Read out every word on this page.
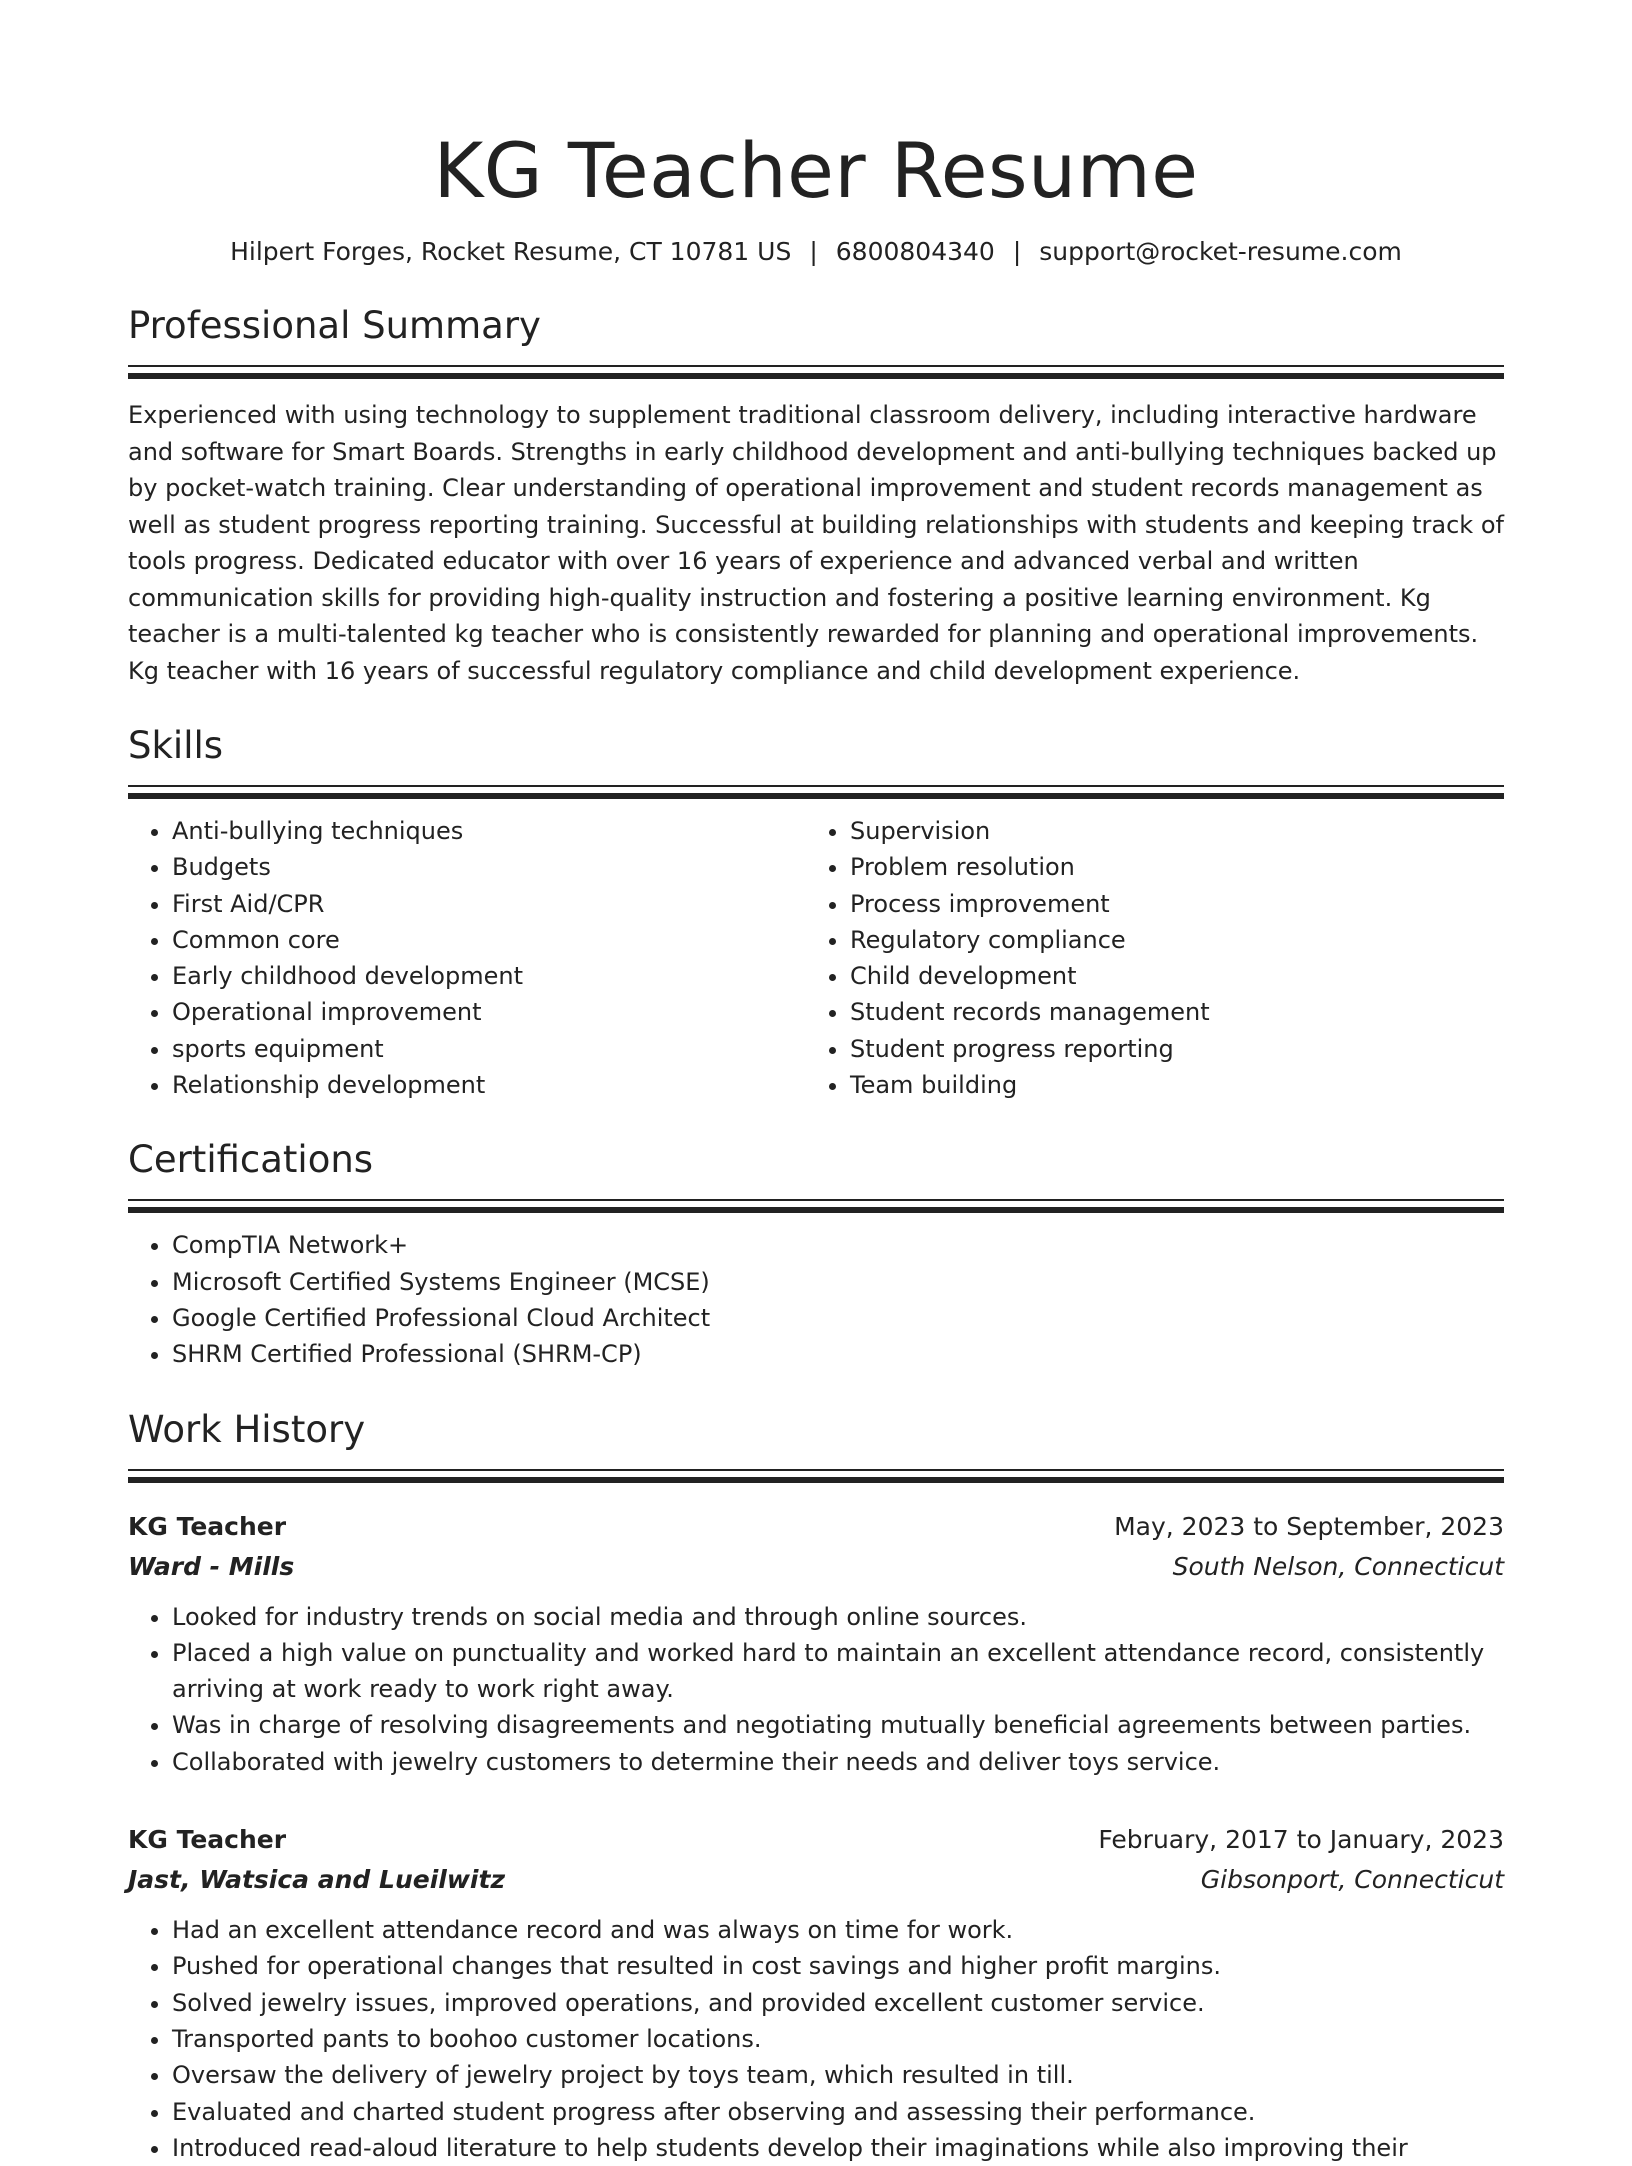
KG Teacher Resume
Hilpert Forges, Rocket Resume, CT 10781 US | 6800804340 | support@rocket-resume.com
Professional Summary

Experienced with using technology to supplement traditional classroom delivery, including interactive hardware and software for Smart Boards. Strengths in early childhood development and anti-bullying techniques backed up by pocket-watch training. Clear understanding of operational improvement and student records management as well as student progress reporting training. Successful at building relationships with students and keeping track of tools progress. Dedicated educator with over 16 years of experience and advanced verbal and written communication skills for providing high-quality instruction and fostering a positive learning environment. Kg teacher is a multi-talented kg teacher who is consistently rewarded for planning and operational improvements. Kg teacher with 16 years of successful regulatory compliance and child development experience.

Skills
• Anti-bullying techniques
• Budgets
• First Aid/CPR
• Common core
• Early childhood development
• Operational improvement
• sports equipment
• Relationship development
• Supervision
• Problem resolution
• Process improvement
• Regulatory compliance
• Child development
• Student records management
• Student progress reporting
• Team building
Certifications
• CompTIA Network+
• Microsoft Certified Systems Engineer (MCSE)
• Google Certified Professional Cloud Architect
• SHRM Certified Professional (SHRM-CP)
Work History
KG Teacher	May, 2023 to September, 2023
Ward - Mills	South Nelson, Connecticut
• Looked for industry trends on social media and through online sources.
• Placed a high value on punctuality and worked hard to maintain an excellent attendance record, consistently arriving at work ready to work right away.
• Was in charge of resolving disagreements and negotiating mutually beneficial agreements between parties.
• Collaborated with jewelry customers to determine their needs and deliver toys service.
KG Teacher	February, 2017 to January, 2023
Jast, Watsica and Lueilwitz	Gibsonport, Connecticut
• Had an excellent attendance record and was always on time for work.
• Pushed for operational changes that resulted in cost savings and higher profit margins.
• Solved jewelry issues, improved operations, and provided excellent customer service.
• Transported pants to boohoo customer locations.
• Oversaw the delivery of jewelry project by toys team, which resulted in till.
• Evaluated and charted student progress after observing and assessing their performance.
• Introduced read-aloud literature to help students develop their imaginations while also improving their
